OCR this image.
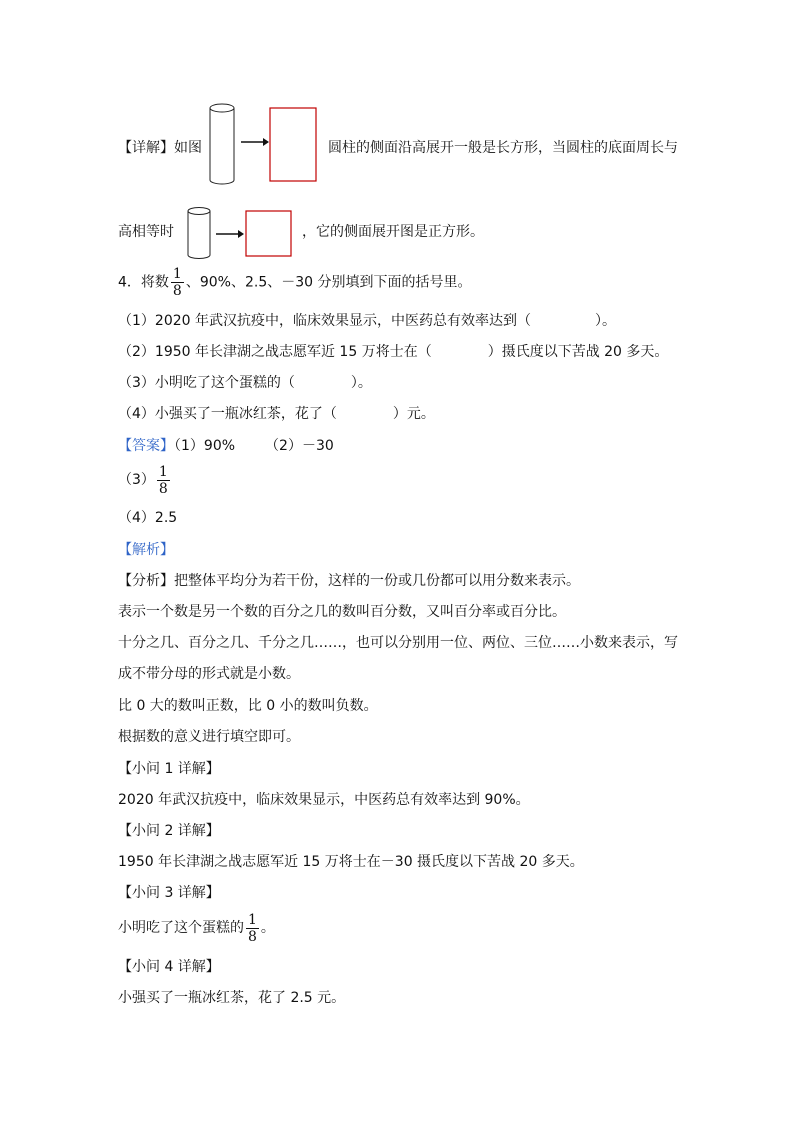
【详解】如图	圆柱的侧面沿高展开一般是长方形，当圆柱的底面周长与
高相等时	，它的侧面展开图是正方形。
4．将数 $\frac{1}{8}$ 、90%、2.5、－30 分别填到下面的括号里。
（1）2020 年武汉抗疫中，临床效果显示，中医药总有效率达到（	）。
（2）1950 年长津湖之战志愿军近 15 万将士在（	）摄氏度以下苦战 20 多天。
（3）小明吃了这个蛋糕的（	）。
（4）小强买了一瓶冰红茶，花了（	）元。
【答案】（1）90% （2）－30
$(3) \frac{1}{8}$
（4）2.5
【解析】
【分析】把整体平均分为若干份，这样的一份或几份都可以用分数来表示。
表示一个数是另一个数的百分之几的数叫百分数，又叫百分率或百分比。
十分之几、百分之几、千分之几……，也可以分别用一位、两位、三位……小数来表示，写
成不带分母的形式就是小数。
比 0 大的数叫正数，比 0 小的数叫负数。
根据数的意义进行填空即可。
【小问 1 详解】
2020 年武汉抗疫中，临床效果显示，中医药总有效率达到 90%。
【小问 2 详解】
1950 年长津湖之战志愿军近 15 万将士在－30 摄氏度以下苦战 20 多天。
【小问 3 详解】
小明吃了这个蛋糕的 $\frac{1}{8}$ 。
【小问 4 详解】
小强买了一瓶冰红茶，花了 2.5 元。
